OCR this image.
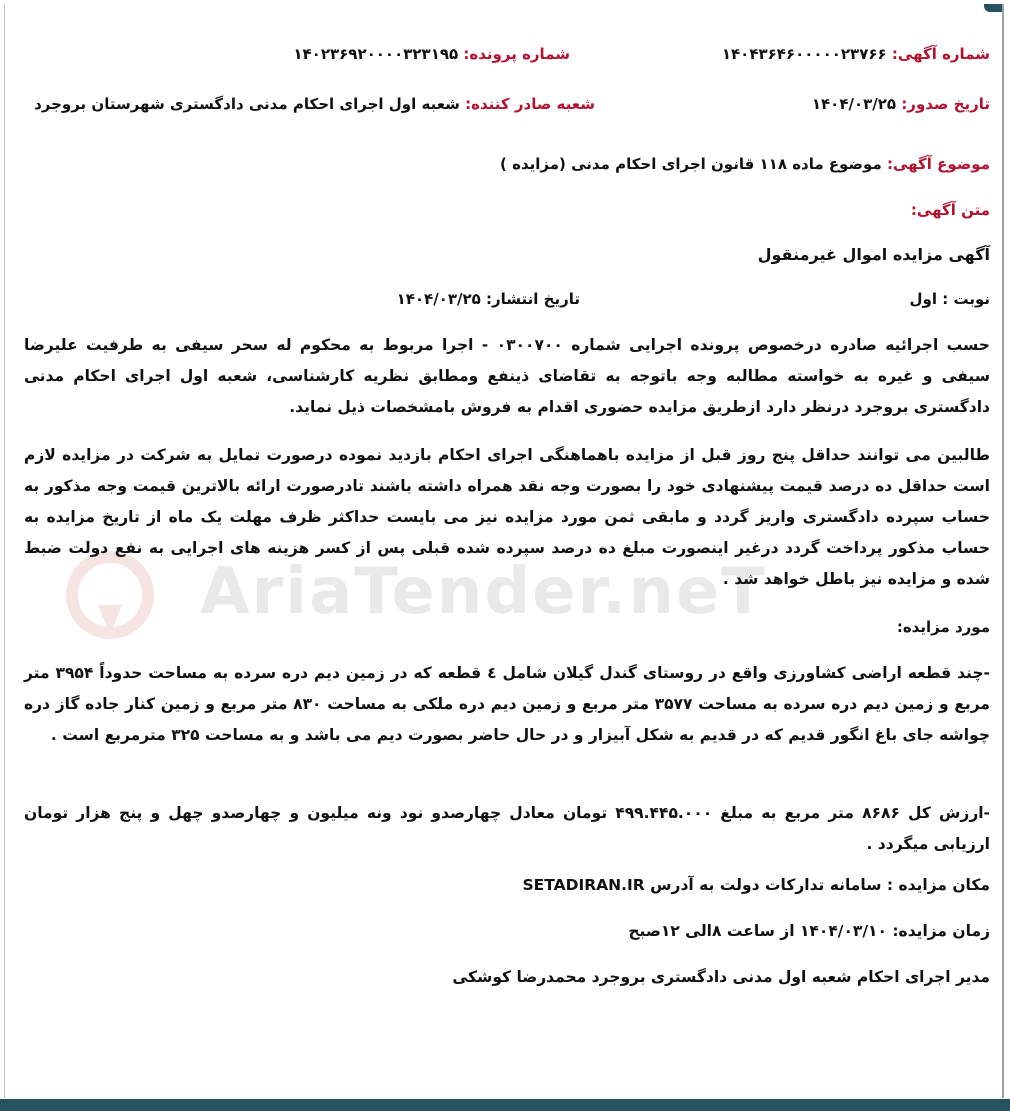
AriaTender.neT
شماره آگهی: ۱۴۰۴۳۶۴۶۰۰۰۰۰۲۳۷۶۶
شماره پرونده: ۱۴۰۲۳۶۹۲۰۰۰۰۳۲۳۱۹۵
تاریخ صدور: ۱۴۰۴/۰۳/۲۵
شعبه صادر کننده: شعبه اول اجرای احکام مدنی دادگستری شهرستان بروجرد
موضوع آگهی: موضوع ماده ۱۱۸ قانون اجرای احکام مدنی (مزایده )
متن آگهی:
آگهی مزایده اموال غیرمنقول
نوبت : اول
تاریخ انتشار: ۱۴۰۴/۰۳/۲۵
حسب اجرائیه صادره درخصوص پرونده اجرایی شماره ۰۳۰۰۷۰۰ - اجرا مربوط به محکوم له سحر سیفی به طرفیت علیرضا سیفی و غیره به خواسته مطالبه وجه باتوجه به تقاضای ذینفع ومطابق نظریه کارشناسی، شعبه اول اجرای احکام مدنی دادگستری بروجرد درنظر دارد ازطریق مزایده حضوری اقدام به فروش بامشخصات ذیل نماید.
طالبین می توانند حداقل پنج روز قبل از مزایده باهماهنگی اجرای احکام بازدید نموده درصورت تمایل به شرکت در مزایده لازم است حداقل ده درصد قیمت پیشنهادی خود را بصورت وجه نقد همراه داشته باشند تادرصورت ارائه بالاترین قیمت وجه مذکور به حساب سپرده دادگستری واریز گردد و مابقی ثمن مورد مزایده نیز می بایست حداکثر ظرف مهلت یک ماه از تاریخ مزایده به حساب مذکور پرداخت گردد درغیر اینصورت مبلغ ده درصد سپرده شده قبلی پس از کسر هزینه های اجرایی به نفع دولت ضبط شده و مزایده نیز باطل خواهد شد .
مورد مزایده:
-چند قطعه اراضی کشاورزی واقع در روستای گندل گیلان شامل ٤ قطعه که در زمین دیم دره سرده به مساحت حدوداً ۳۹۵۴ متر مربع و زمین دیم دره سرده به مساحت ۳۵۷۷ متر مربع و زمین دیم دره ملکی به مساحت ۸۳۰ متر مربع و زمین کنار جاده گاز دره چواشه جای باغ انگور قدیم که در قدیم به شکل آبیزار و در حال حاضر بصورت دیم می باشد و به مساحت ۳۲۵ مترمربع است .
-ارزش کل ۸۶۸۶ متر مربع به مبلغ ۴۹۹.۴۴۵.۰۰۰ تومان معادل چهارصدو نود ونه میلیون و چهارصدو چهل و پنج هزار تومان ارزیابی میگردد .
مکان مزایده : سامانه تدارکات دولت به آدرس SETADIRAN.IR
زمان مزایده: ۱۴۰۴/۰۳/۱۰ از ساعت ۸الی ۱۲صبح
مدیر اجرای احکام شعبه اول مدنی دادگستری بروجرد محمدرضا کوشکی
